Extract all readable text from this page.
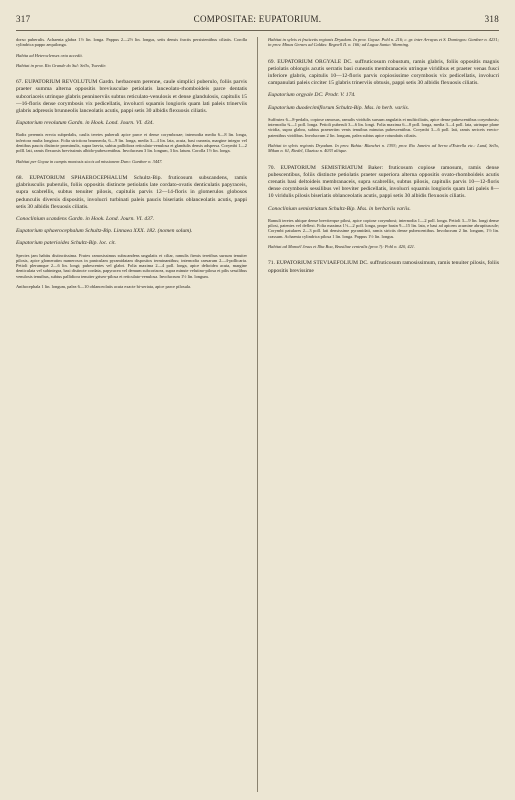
317	COMPOSITAE: EUPATORIUM.	318

dorso puberulis. Achaenia glabra 1½ lin. longa. Pappus 2—2½ lin. longus, setis densis fractis persistentibus ciliatis. Corolla cylindrica pappo aequilonga.

Habita ad Heteroclenses orta accedit.

Habitat in prov. Rio Grande do Sul: Sello, Tweedie.

67. EUPATORIUM REVOLUTUM Gardn. herbaceum perenne, caule simplici puberulo, foliis parvis praeter summa alterna oppositis breviusculae petiolatis lanceolato-rhomboideis parce dentatis subcoriaceis utrinque glabris penninerviis subtus reticulato-venulosis et dense glandulosis, capitulis 15—16-floris dense corymbosis vix pedicellatis, involucri squamis longioris quam lati paleis trinerviis glabris adpressis brunneolis lanceolatis acutis, pappi setis 30 albidis flexuosis ciliatis.

Eupatorium revolutum Gardn. in Hook. Lond. Journ. VI. 434.

Radix perennis erecta subpedalis, caulis teretes puberuli apice parce et dense corymbosae; internodia media 6—8 lin. longa, inferiora multa longiora. Folia strictiora brunneola, 6—9 lin. longa, media 3—4 lin. lata, acuta, basi cuneata, margine integro vel dentibus paucis distincte prominulis, supra laevia, subtus pallidiora reticulato-venulosa et glandulis densis adspersa. Corymbi 1—2 polll. lati, ramis flexuosis brevissimis albido-pubescentibus. Involucrum 3 lin. longum, 3 lin. latum. Corolla 1½ lin. longa.

Habitat per Goyaz in campis montosis siccis ad missionem Duro: Gardner n. 3447.

68. EUPATORIUM SPHAEROCEPHALUM Schultz-Bip. fruticosum subscandens, ramis glabriusculis puberulis, foliis oppositis distincte petiolatis late cordato-ovatis denticulatis papyraceis, supra scabrellis, subtus tenuiter pilosis, capitulis parvis 12—14-floris in glomerulos globosos pedunculis diversis dispositis, involucri turbinati paleis paucis biseriatis oblanceolatis acutis, pappi setis 30 albidis flexuosis ciliatis.

Conoclinium scandens Gardn. in Hook. Lond. Journ. VI. 437.

Eupatorium sphaerocephalum Schultz-Bip. Linnaea XXX. 182. (nomen solum).

Eupatorium paterioides Schultz-Bip. loc. cit.

Species jam habitu distinctissima. Frutex ramosissimus subscandens ungulatis et ciliar, ramulis firmis teretibus sursum tenuiter pilosis, apice glomeratim numerosos in paniculam pyramidatam dispositos terminantibus; internodia caesarum 2—4-pollicaria. Petioli plerumque 2—6 lin. longi; pubescentes vel glabri. Folia maxima 2—4 poll. longa, apice deltoidea acuta, margine denticulata vel subintegra, basi distincte cordata, papyracea vel demum subcoriacea, supra minute velutino-pilosa et pilis sessilibus venulosis tenuibus, subtus pallidiora tenuiter griseo-pilosa et reticulato-venulosa. Involucrum 1½ lin. longum.

Anthocephala 1 lin. longum, palea 6—10 oblanceolatis acuta exacte bi-seriata, apice parce pilosula.

Habitat in sylvis et fruticetis regionis Dryadum. In prov. Goyaz: Pohl n. 216; c. gr. inter Arrayas et S. Domingos: Gardner n. 4231; in prov. Minas Geraes ad Caldas: Regnell II. n. 166; ad Lagoa Santa: Warming.

69. EUPATORIUM ORGYALE DC. suffruticosum robustum, ramis glabris, foliis oppositis magnis petiolatis oblongis acutis serratis basi cuneatis membranaceis utrinque viridibus et praeter venas fusci inferiore glabris, capitulis 10—12-floris parvis copiosissime corymbosis vix pedicellatis, involucri campanulati paleis circiter 15 glabris trinerviis obtusis, pappi setis 30 albidis flexuosis ciliatis.

Eupatorium orgyale DC. Prodr. V. 174.

Eupatorium duodecimiflorum Schultz-Bip. Mss. in herb. variis.

Suffrutex 6—8-pedalis, copiose ramosus, ramulis viridulis sursum angulatis et multiciliatis, apice dense pubescentibus corymbosis; internodia ¾—1 poll. longa. Petioli puberuli 3—6 lin. longi. Folia maxima 6—8 poll. longa, media 3—4 poll. lata, utrinque plane viridia, supra glabra, subtus praesertim venis tenuibus minutus pubescentibus. Corymbi 3—6 poll. lati, ramis sericeis erecto-patentibus viridibus. Involucrum 2 lin. longum, palea subtus apice rotundatis ciliatis.

Habitat in sylvis regionis Dryadum. In prov. Bahia: Blanchet n. 1393; prov. Rio Janeiro ad Serra d'Estrella etc.: Lund, Sello, Mikan n. 61, Riedel, Glaziou n. 4033 aliique.

70. EUPATORIUM SEMISTRIATUM Baker: fruticosum copiose ramosum, ramis dense pubescentibus, foliis distincte petiolatis praeter superiora alterna oppositis ovato-rhomboideis acutis crenatis basi deltoideis membranaceis, supra scabrellis, subtus pilosis, capitulis parvis 10—12-floris dense corymbosis sessilibus vel breviter pedicellatis, involucri squamis longioris quam lati paleis 8—10 viridulis pilosis biseriatis oblanceolatis acutis, pappi setis 30 albidis flexuosis ciliatis.

Conoclinium semistriatum Schultz-Bip. Mss. in herbariis variis.

Ramuli teretes ubique dense breviterque pilosi, apice copiose corymbosi; internodia 1—2 poll. longa. Petioli 3—9 lin. longi dense pilosi, patentes vel deflexi. Folia maxima 1½—2 poll. longa, prope basin 9—15 lin. lata, e basi ad apicem acumine abruptiuscule; Corymbi patulares 2—3 poll. lati densissime pyramidati, ramis strictis dense pubescentibus. Involucrum 2 lin. longum, 1½ lin. crassum. Achaenia cylindrica pilosa 1 lin. longa. Pappus 1½ lin. longus.

Habitat ad Manoël Jesus et Ilha Boa, Brasiliae centralis (prov.?): Pohl n. 420, 421.

71. EUPATORIUM STEVIAEFOLIUM DC. suffruticosum ramosissimum, ramis tenuiter pilosis, foliis oppositis brevissime
